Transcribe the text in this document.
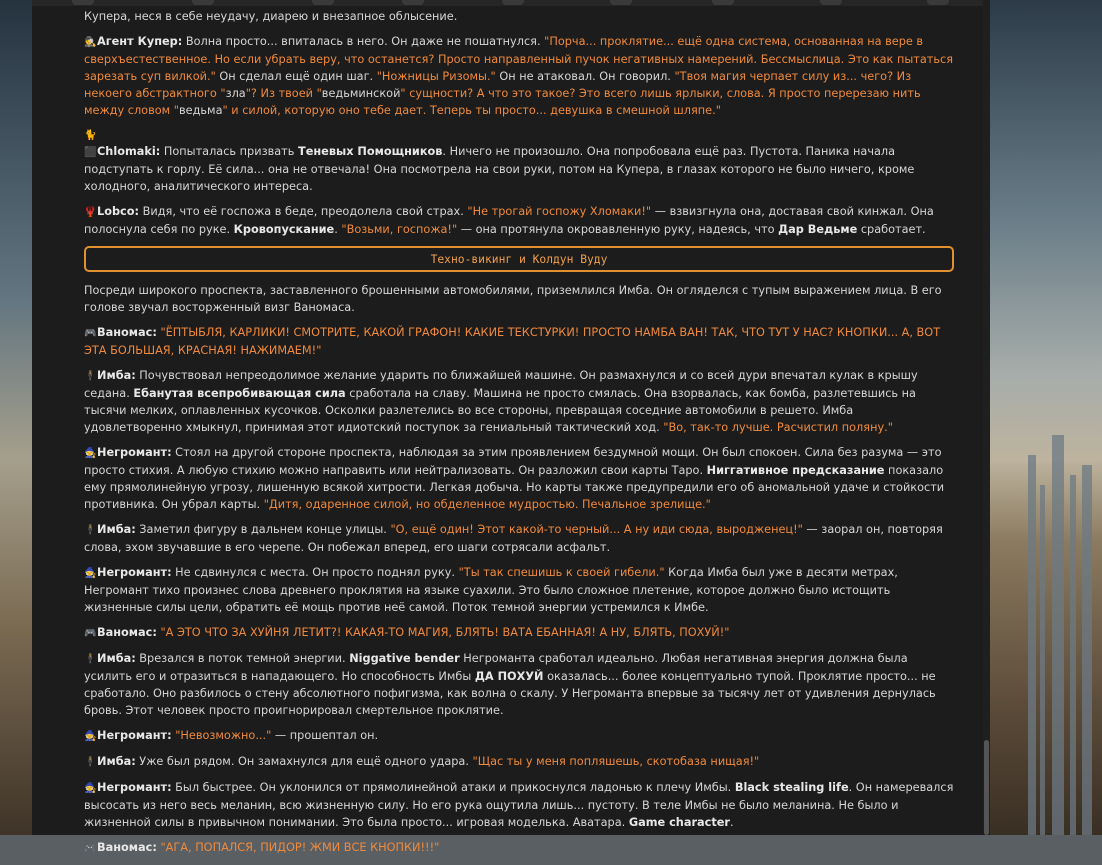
Купера, неся в себе неудачу, диарею и внезапное облысение.
🕵Агент Купер: Волна просто... впиталась в него. Он даже не пошатнулся. "Порча... проклятие... ещё одна система, основанная на вере в сверхъестественное. Но если убрать веру, что останется? Просто направленный пучок негативных намерений. Бессмыслица. Это как пытаться зарезать суп вилкой." Он сделал ещё один шаг. "Ножницы Ризомы." Он не атаковал. Он говорил. "Твоя магия черпает силу из... чего? Из некоего абстрактного "зла"? Из твоей "ведьминской" сущности? А что это такое? Это всего лишь ярлыки, слова. Я просто перерезаю нить между словом "ведьма" и силой, которую оно тебе дает. Теперь ты просто... девушка в смешной шляпе."
🐈⬛Chlomaki: Попыталась призвать Теневых Помощников. Ничего не произошло. Она попробовала ещё раз. Пустота. Паника начала подступать к горлу. Её сила... она не отвечала! Она посмотрела на свои руки, потом на Купера, в глазах которого не было ничего, кроме холодного, аналитического интереса.
🦞Lobco: Видя, что её госпожа в беде, преодолела свой страх. "Не трогай госпожу Хломаки!" — взвизгнула она, доставая свой кинжал. Она полоснула себя по руке. Кровопускание. "Возьми, госпожа!" — она протянула окровавленную руку, надеясь, что Дар Ведьме сработает.
Техно-викинг и Колдун Вуду
Посреди широкого проспекта, заставленного брошенными автомобилями, приземлился Имба. Он огляделся с тупым выражением лица. В его голове звучал восторженный визг Ваномаса.
🎮Ваномас: "ЁПТЫБЛЯ, КАРЛИКИ! СМОТРИТЕ, КАКОЙ ГРАФОН! КАКИЕ ТЕКСТУРКИ! ПРОСТО НАМБА ВАН! ТАК, ЧТО ТУТ У НАС? КНОПКИ... А, ВОТ ЭТА БОЛЬШАЯ, КРАСНАЯ! НАЖИМАЕМ!"
🕴Имба: Почувствовал непреодолимое желание ударить по ближайшей машине. Он размахнулся и со всей дури впечатал кулак в крышу седана. Ебанутая всепробивающая сила сработала на славу. Машина не просто смялась. Она взорвалась, как бомба, разлетевшись на тысячи мелких, оплавленных кусочков. Осколки разлетелись во все стороны, превращая соседние автомобили в решето. Имба удовлетворенно хмыкнул, принимая этот идиотский поступок за гениальный тактический ход. "Во, так-то лучше. Расчистил поляну."
🧙Негромант: Стоял на другой стороне проспекта, наблюдая за этим проявлением бездумной мощи. Он был спокоен. Сила без разума — это просто стихия. А любую стихию можно направить или нейтрализовать. Он разложил свои карты Таро. Ниггативное предсказание показало ему прямолинейную угрозу, лишенную всякой хитрости. Легкая добыча. Но карты также предупредили его об аномальной удаче и стойкости противника. Он убрал карты. "Дитя, одаренное силой, но обделенное мудростью. Печальное зрелище."
🕴Имба: Заметил фигуру в дальнем конце улицы. "О, ещё один! Этот какой-то черный... А ну иди сюда, выродженец!" — заорал он, повторяя слова, эхом звучавшие в его черепе. Он побежал вперед, его шаги сотрясали асфальт.
🧙Негромант: Не сдвинулся с места. Он просто поднял руку. "Ты так спешишь к своей гибели." Когда Имба был уже в десяти метрах, Негромант тихо произнес слова древнего проклятия на языке суахили. Это было сложное плетение, которое должно было истощить жизненные силы цели, обратить её мощь против неё самой. Поток темной энергии устремился к Имбе.
🎮Ваномас: "А ЭТО ЧТО ЗА ХУЙНЯ ЛЕТИТ?! КАКАЯ-ТО МАГИЯ, БЛЯТЬ! ВАТА ЕБАННАЯ! А НУ, БЛЯТЬ, ПОХУЙ!"
🕴Имба: Врезался в поток темной энергии. Niggative bender Негроманта сработал идеально. Любая негативная энергия должна была усилить его и отразиться в нападающего. Но способность Имбы ДА ПОХУЙ оказалась... более концептуально тупой. Проклятие просто... не сработало. Оно разбилось о стену абсолютного пофигизма, как волна о скалу. У Негроманта впервые за тысячу лет от удивления дернулась бровь. Этот человек просто проигнорировал смертельное проклятие.
🧙Негромант: "Невозможно..." — прошептал он.
🕴Имба: Уже был рядом. Он замахнулся для ещё одного удара. "Щас ты у меня попляшешь, скотобаза нищая!"
🧙Негромант: Был быстрее. Он уклонился от прямолинейной атаки и прикоснулся ладонью к плечу Имбы. Black stealing life. Он намеревался высосать из него весь меланин, всю жизненную силу. Но его рука ощутила лишь... пустоту. В теле Имбы не было меланина. Не было и жизненной силы в привычном понимании. Это была просто... игровая моделька. Аватара. Game character.
🎮Ваномас: "АГА, ПОПАЛСЯ, ПИДОР! ЖМИ ВСЕ КНОПКИ!!!"
